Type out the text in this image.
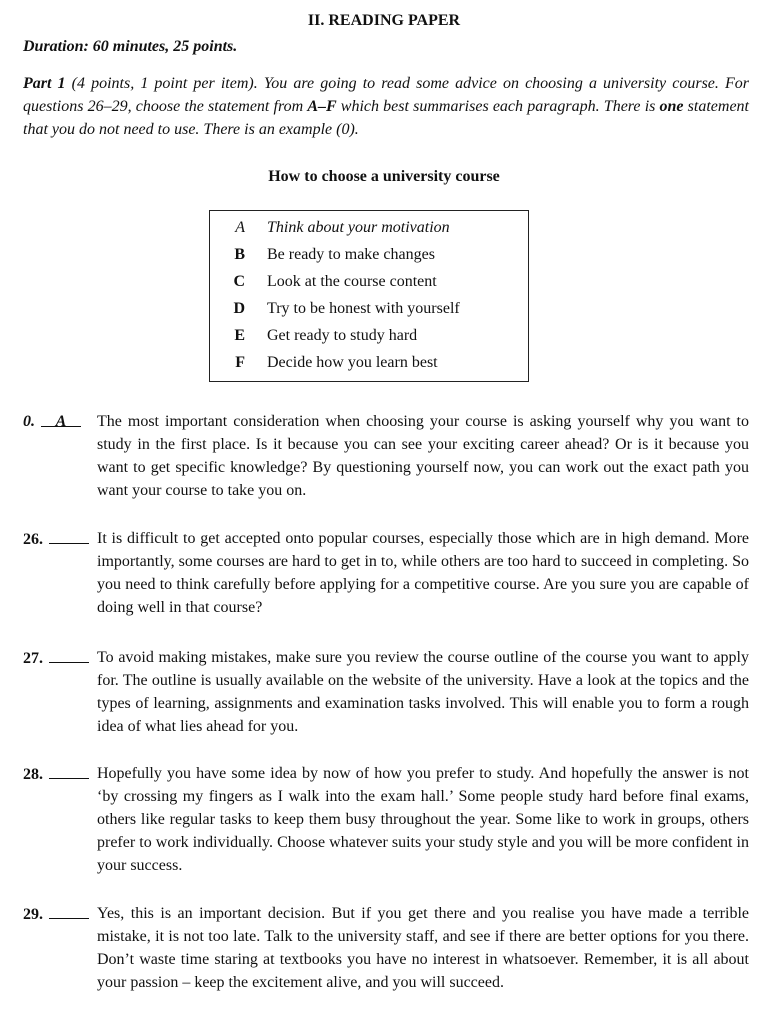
II. READING PAPER
Duration: 60 minutes, 25 points.
Part 1 (4 points, 1 point per item). You are going to read some advice on choosing a university course. For questions 26–29, choose the statement from A–F which best summarises each paragraph. There is one statement that you do not need to use. There is an example (0).
How to choose a university course
A	Think about your motivation
B	Be ready to make changes
C	Look at the course content
D	Try to be honest with yourself
E	Get ready to study hard
F	Decide how you learn best
0. A	The most important consideration when choosing your course is asking yourself why you want to study in the first place. Is it because you can see your exciting career ahead? Or is it because you want to get specific knowledge? By questioning yourself now, you can work out the exact path you want your course to take you on.
26.	It is difficult to get accepted onto popular courses, especially those which are in high demand. More importantly, some courses are hard to get in to, while others are too hard to succeed in completing. So you need to think carefully before applying for a competitive course. Are you sure you are capable of doing well in that course?
27.	To avoid making mistakes, make sure you review the course outline of the course you want to apply for. The outline is usually available on the website of the university. Have a look at the topics and the types of learning, assignments and examination tasks involved. This will enable you to form a rough idea of what lies ahead for you.
28.	Hopefully you have some idea by now of how you prefer to study. And hopefully the answer is not ‘by crossing my fingers as I walk into the exam hall.’ Some people study hard before final exams, others like regular tasks to keep them busy throughout the year. Some like to work in groups, others prefer to work individually. Choose whatever suits your study style and you will be more confident in your success.
29.	Yes, this is an important decision. But if you get there and you realise you have made a terrible mistake, it is not too late. Talk to the university staff, and see if there are better options for you there. Don’t waste time staring at textbooks you have no interest in whatsoever. Remember, it is all about your passion – keep the excitement alive, and you will succeed.
